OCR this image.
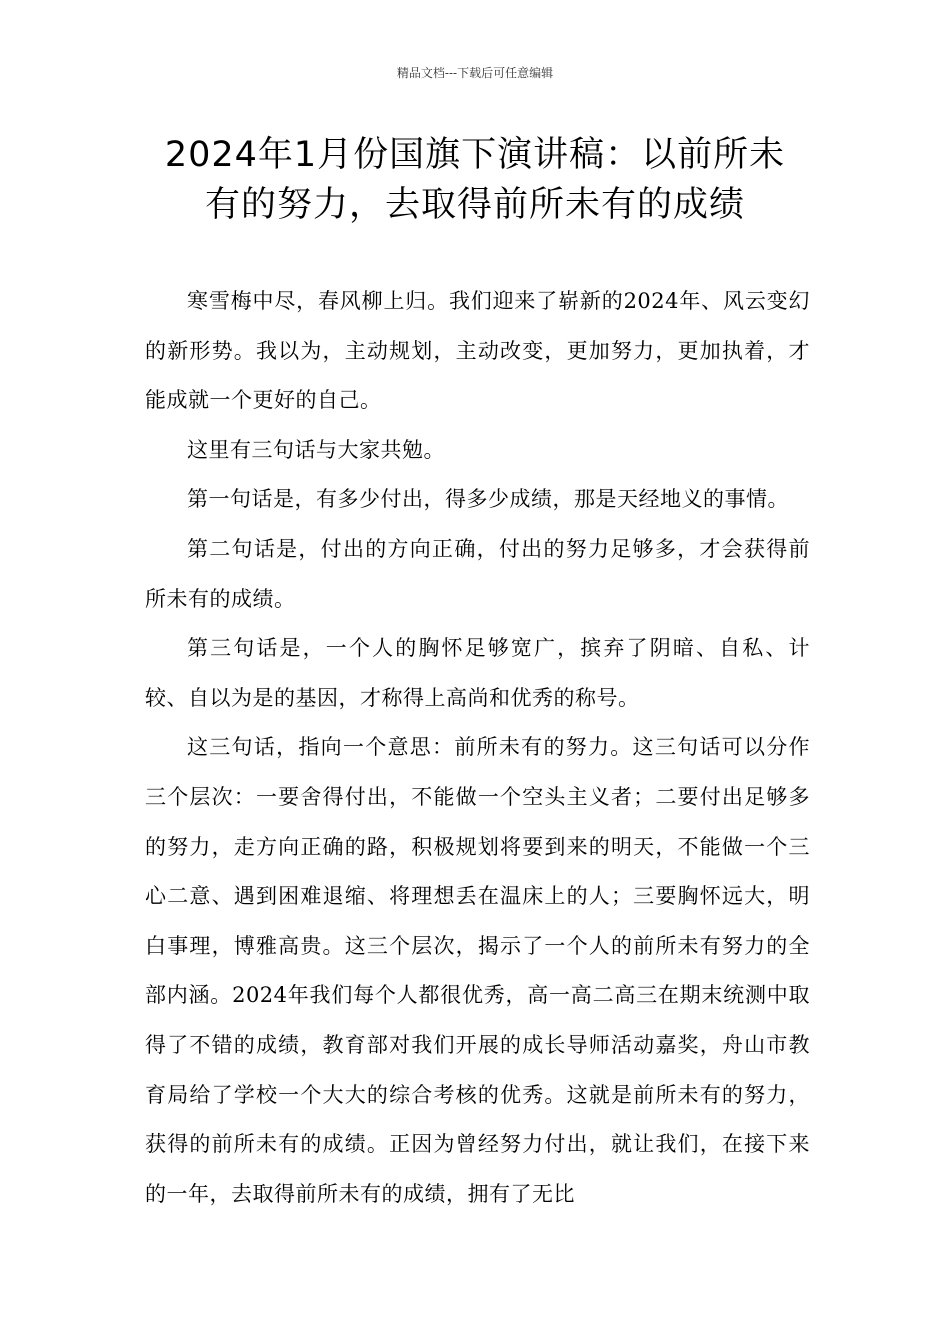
精品文档---下载后可任意编辑
2024年1月份国旗下演讲稿：以前所未
有的努力，去取得前所未有的成绩

寒雪梅中尽，春风柳上归。我们迎来了崭新的2024年、风云变幻的新形势。我以为，主动规划，主动改变，更加努力，更加执着，才能成就一个更好的自己。

这里有三句话与大家共勉。

第一句话是，有多少付出，得多少成绩，那是天经地义的事情。

第二句话是，付出的方向正确，付出的努力足够多，才会获得前所未有的成绩。

第三句话是，一个人的胸怀足够宽广，摈弃了阴暗、自私、计较、自以为是的基因，才称得上高尚和优秀的称号。

这三句话，指向一个意思：前所未有的努力。这三句话可以分作三个层次：一要舍得付出，不能做一个空头主义者；二要付出足够多的努力，走方向正确的路，积极规划将要到来的明天，不能做一个三心二意、遇到困难退缩、将理想丢在温床上的人；三要胸怀远大，明白事理，博雅高贵。这三个层次，揭示了一个人的前所未有努力的全部内涵。2024年我们每个人都很优秀，高一高二高三在期末统测中取得了不错的成绩，教育部对我们开展的成长导师活动嘉奖，舟山市教育局给了学校一个大大的综合考核的优秀。这就是前所未有的努力，获得的前所未有的成绩。正因为曾经努力付出，就让我们，在接下来的一年，去取得前所未有的成绩，拥有了无比
